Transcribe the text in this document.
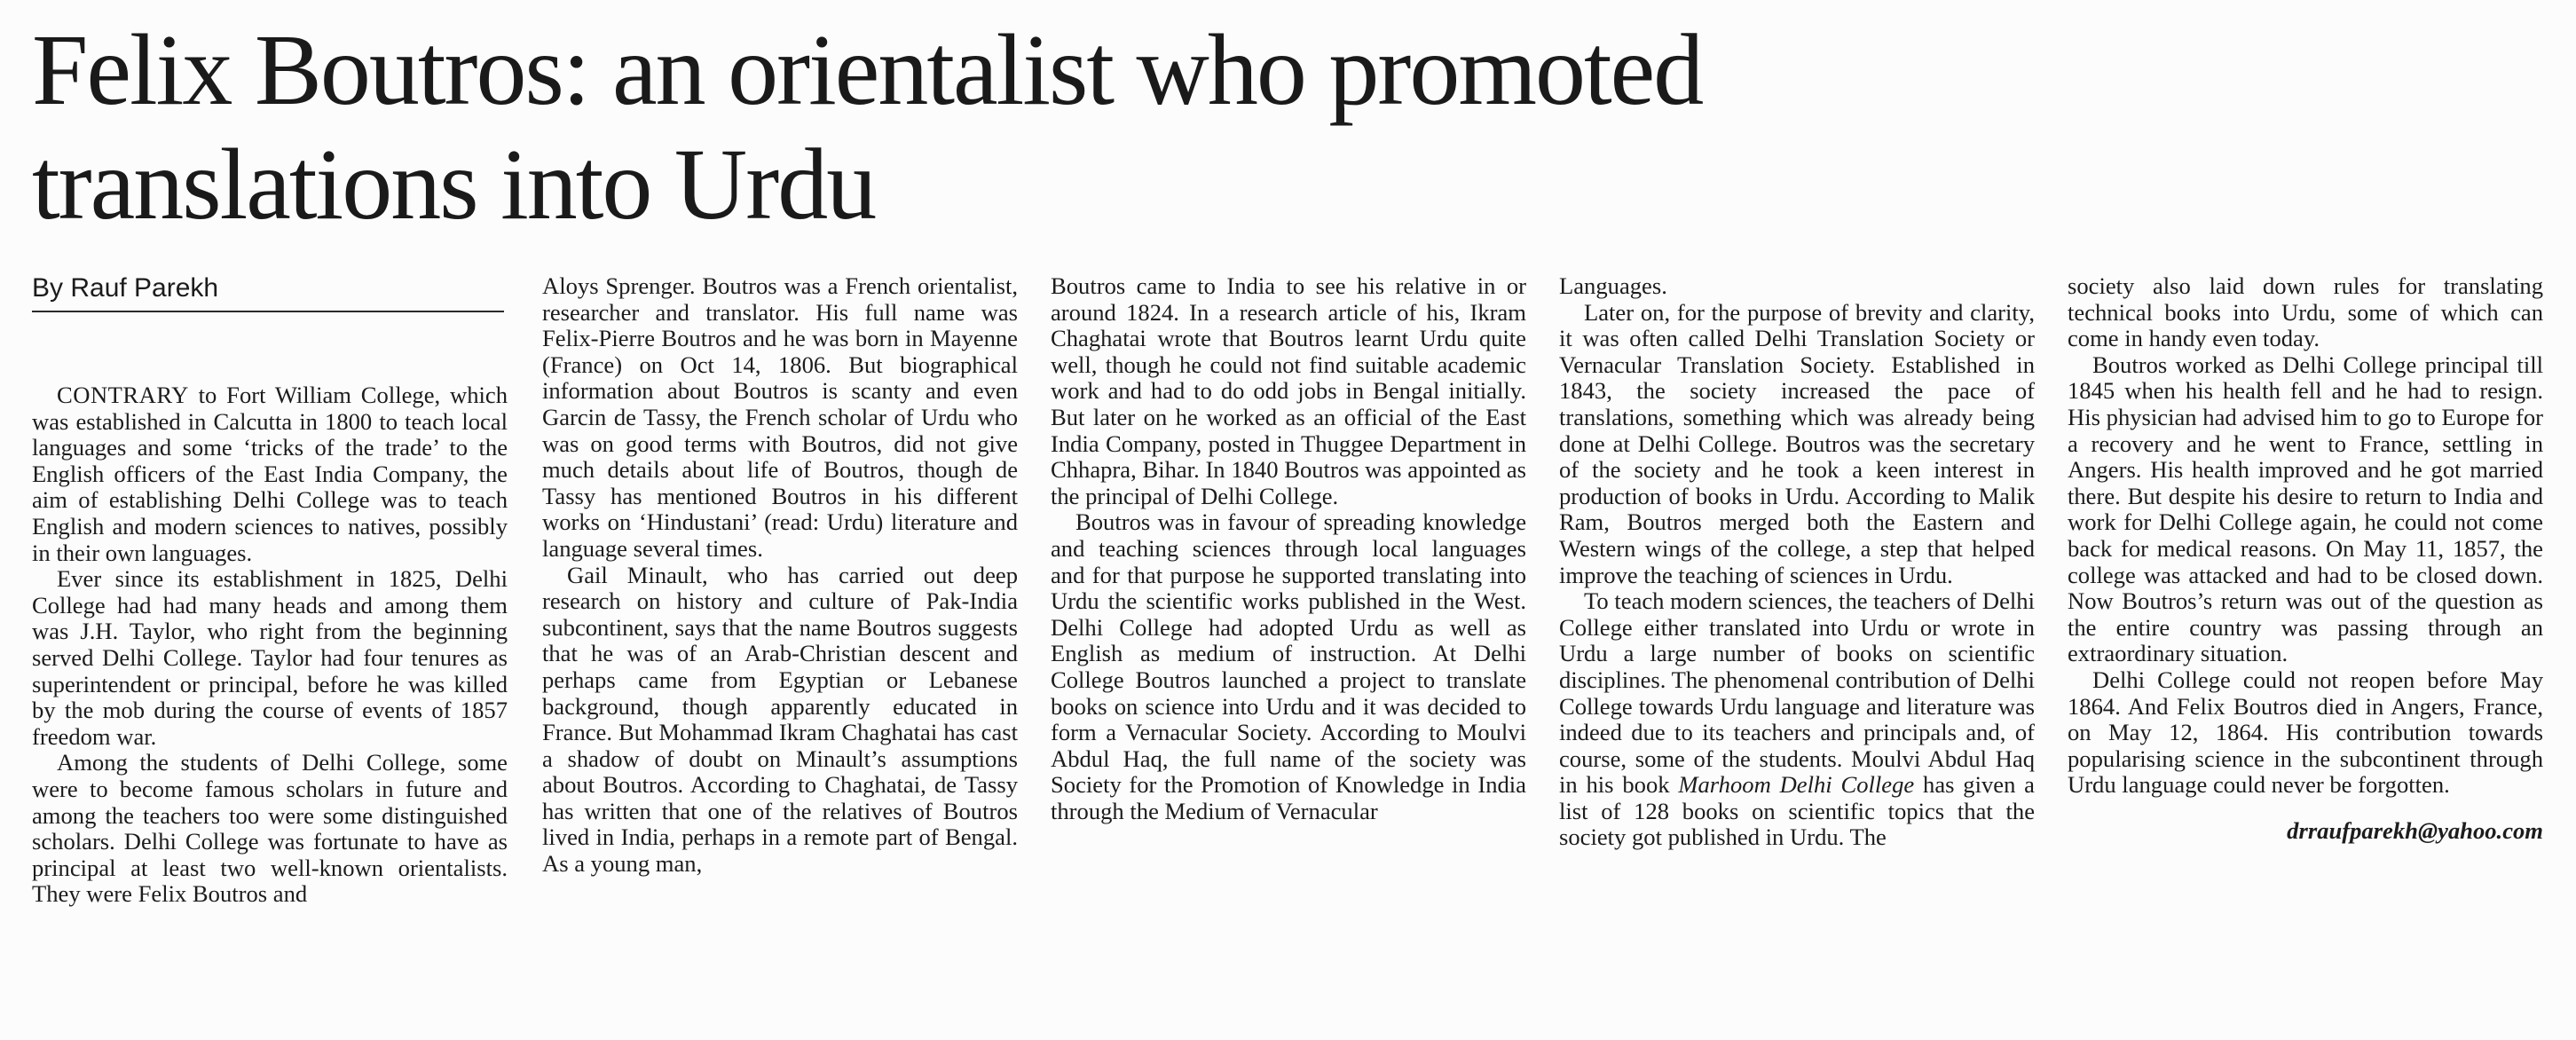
Felix Boutros: an orientalist who promoted translations into Urdu
By Rauf Parekh

CONTRARY to Fort William College, which was established in Calcutta in 1800 to teach local languages and some ‘tricks of the trade’ to the English officers of the East India Company, the aim of establishing Delhi College was to teach English and modern sciences to natives, possibly in their own languages.

Ever since its establishment in 1825, Delhi College had had many heads and among them was J.H. Taylor, who right from the beginning served Delhi College. Taylor had four tenures as superintendent or principal, before he was killed by the mob during the course of events of 1857 freedom war.

Among the students of Delhi College, some were to become famous scholars in future and among the teachers too were some distinguished scholars. Delhi College was fortunate to have as principal at least two well-known orientalists. They were Felix Boutros and

Aloys Sprenger. Boutros was a French orientalist, researcher and translator. His full name was Felix-Pierre Boutros and he was born in Mayenne (France) on Oct 14, 1806. But biographical information about Boutros is scanty and even Garcin de Tassy, the French scholar of Urdu who was on good terms with Boutros, did not give much details about life of Boutros, though de Tassy has mentioned Boutros in his different works on ‘Hindustani’ (read: Urdu) literature and language several times.

Gail Minault, who has carried out deep research on history and culture of Pak-India subcontinent, says that the name Boutros suggests that he was of an Arab-Christian descent and perhaps came from Egyptian or Lebanese background, though apparently educated in France. But Mohammad Ikram Chaghatai has cast a shadow of doubt on Minault’s assumptions about Boutros. According to Chaghatai, de Tassy has written that one of the relatives of Boutros lived in India, perhaps in a remote part of Bengal. As a young man,

Boutros came to India to see his relative in or around 1824. In a research article of his, Ikram Chaghatai wrote that Boutros learnt Urdu quite well, though he could not find suitable academic work and had to do odd jobs in Bengal initially. But later on he worked as an official of the East India Company, posted in Thuggee Department in Chhapra, Bihar. In 1840 Boutros was appointed as the principal of Delhi College.

Boutros was in favour of spreading knowledge and teaching sciences through local languages and for that purpose he supported translating into Urdu the scientific works published in the West. Delhi College had adopted Urdu as well as English as medium of instruction. At Delhi College Boutros launched a project to translate books on science into Urdu and it was decided to form a Vernacular Society. According to Moulvi Abdul Haq, the full name of the society was Society for the Promotion of Knowledge in India through the Medium of Vernacular

Languages.

Later on, for the purpose of brevity and clarity, it was often called Delhi Translation Society or Vernacular Translation Society. Established in 1843, the society increased the pace of translations, something which was already being done at Delhi College. Boutros was the secretary of the society and he took a keen interest in production of books in Urdu. According to Malik Ram, Boutros merged both the Eastern and Western wings of the college, a step that helped improve the teaching of sciences in Urdu.

To teach modern sciences, the teachers of Delhi College either translated into Urdu or wrote in Urdu a large number of books on scientific disciplines. The phenomenal contribution of Delhi College towards Urdu language and literature was indeed due to its teachers and principals and, of course, some of the students. Moulvi Abdul Haq in his book Marhoom Delhi College has given a list of 128 books on scientific topics that the society got published in Urdu. The

society also laid down rules for translating technical books into Urdu, some of which can come in handy even today.

Boutros worked as Delhi College principal till 1845 when his health fell and he had to resign. His physician had advised him to go to Europe for a recovery and he went to France, settling in Angers. His health improved and he got married there. But despite his desire to return to India and work for Delhi College again, he could not come back for medical reasons. On May 11, 1857, the college was attacked and had to be closed down. Now Boutros’s return was out of the question as the entire country was passing through an extraordinary situation.

Delhi College could not reopen before May 1864. And Felix Boutros died in Angers, France, on May 12, 1864. His contribution towards popularising science in the subcontinent through Urdu language could never be forgotten.

drraufparekh@yahoo.com
